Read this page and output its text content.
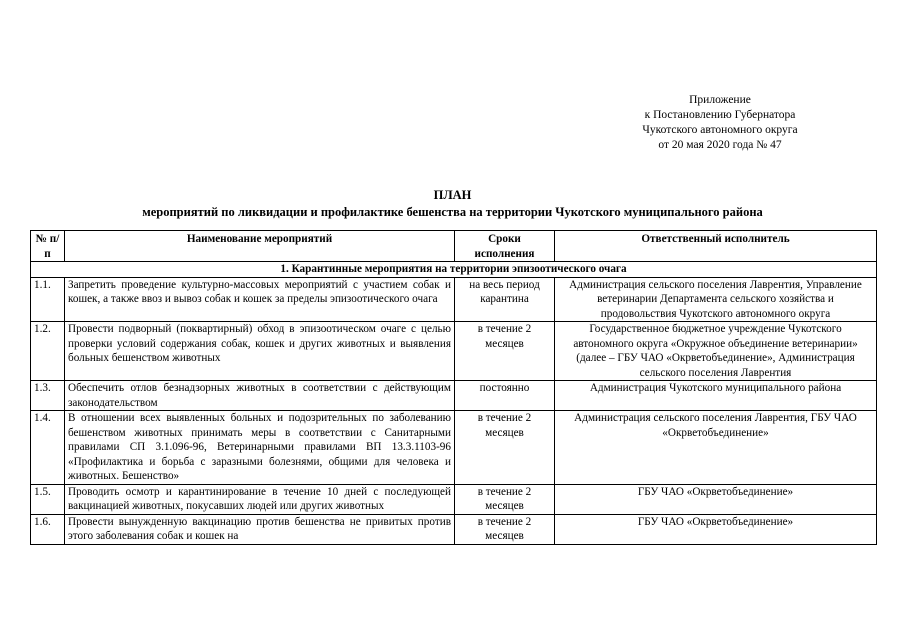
Приложение
к Постановлению Губернатора
Чукотского автономного округа
от 20 мая 2020 года № 47
ПЛАН
мероприятий по ликвидации и профилактике бешенства на территории Чукотского муниципального района
№ п/п	Наименование мероприятий	Сроки исполнения	Ответственный исполнитель
1. Карантинные мероприятия на территории эпизоотического очага			
1.1.	Запретить проведение культурно-массовых мероприятий с участием собак и кошек, а также ввоз и вывоз собак и кошек за пределы эпизоотического очага	на весь период карантина	Администрация сельского поселения Лаврентия, Управление ветеринарии Департамента сельского хозяйства и продовольствия Чукотского автономного округа
1.2.	Провести подворный (поквартирный) обход в эпизоотическом очаге с целью проверки условий содержания собак, кошек и других животных и выявления больных бешенством животных	в течение 2 месяцев	Государственное бюджетное учреждение Чукотского автономного округа «Окружное объединение ветеринарии» (далее – ГБУ ЧАО «Окрветобъединение», Администрация сельского поселения Лаврентия
1.3.	Обеспечить отлов безнадзорных животных в соответствии с действующим законодательством	постоянно	Администрация Чукотского муниципального района
1.4.	В отношении всех выявленных больных и подозрительных по заболеванию бешенством животных принимать меры в соответствии с Санитарными правилами СП 3.1.096-96, Ветеринарными правилами ВП 13.3.1103-96 «Профилактика и борьба с заразными болезнями, общими для человека и животных. Бешенство»	в течение 2 месяцев	Администрация сельского поселения Лаврентия, ГБУ ЧАО «Окрветобъединение»
1.5.	Проводить осмотр и карантинирование в течение 10 дней с последующей вакцинацией животных, покусавших людей или других животных	в течение 2 месяцев	ГБУ ЧАО «Окрветобъединение»

1.6.	Провести вынужденную вакцинацию против бешенства не привитых против этого заболевания собак и кошек на	в течение 2 месяцев	ГБУ ЧАО «Окрветобъединение»
